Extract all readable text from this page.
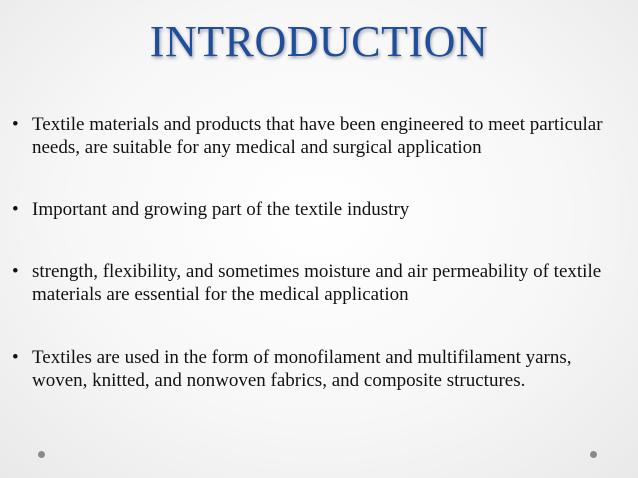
INTRODUCTION
• Textile materials and products that have been engineered to meet particular needs, are suitable for any medical and surgical application
• Important and growing part of the textile industry
• strength, flexibility, and sometimes moisture and air permeability of textile materials are essential for the medical application
• Textiles are used in the form of monofilament and multifilament yarns, woven, knitted, and nonwoven fabrics, and composite structures.
